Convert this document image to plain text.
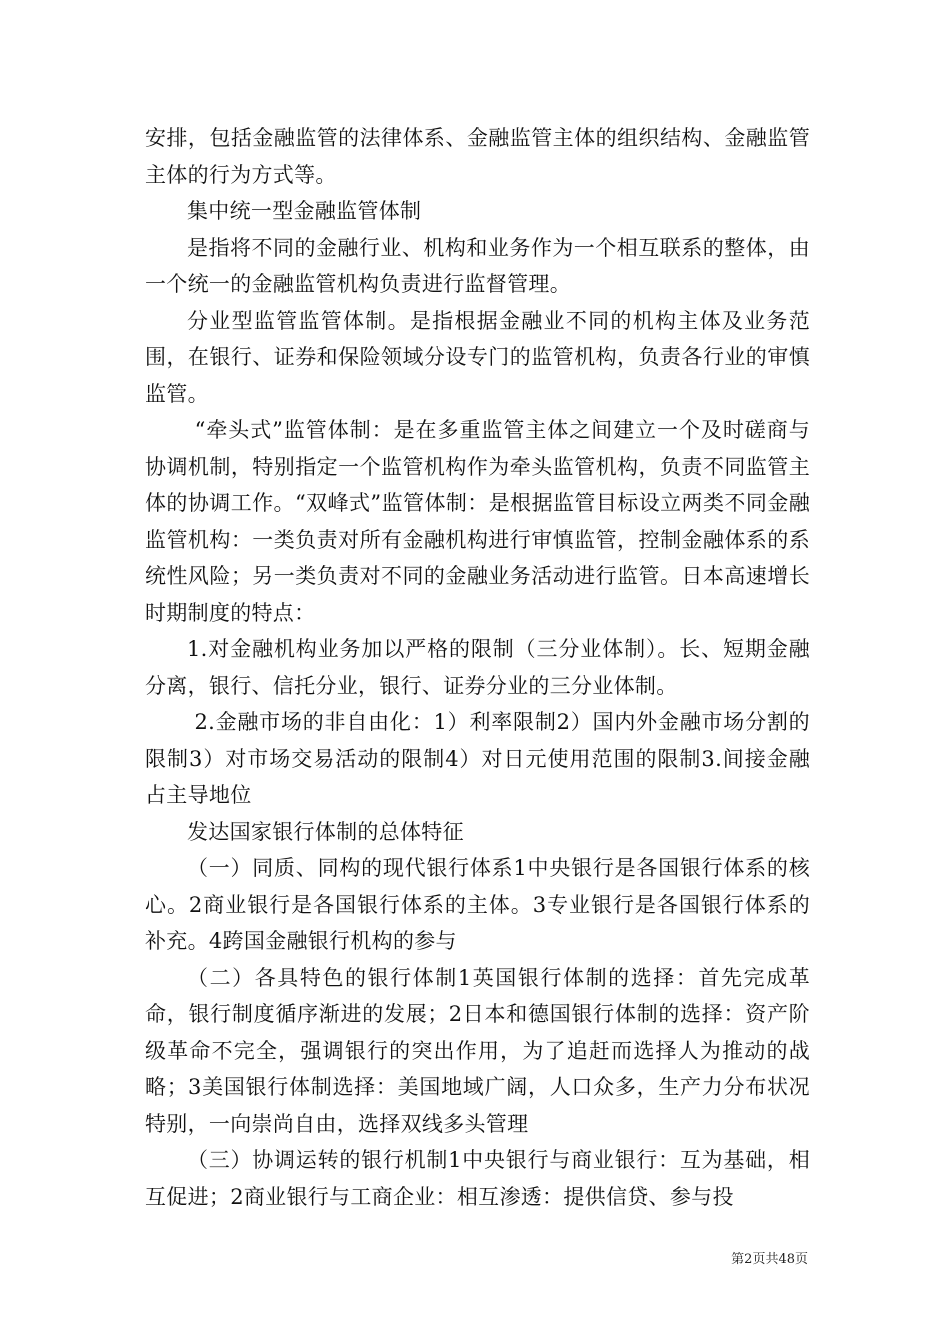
安排，包括金融监管的法律体系、金融监管主体的组织结构、金融监管主体的行为方式等。

集中统一型金融监管体制

是指将不同的金融行业、机构和业务作为一个相互联系的整体，由一个统一的金融监管机构负责进行监督管理。

分业型监管监管体制。是指根据金融业不同的机构主体及业务范围，在银行、证券和保险领域分设专门的监管机构，负责各行业的审慎监管。

“牵头式”监管体制：是在多重监管主体之间建立一个及时磋商与协调机制，特别指定一个监管机构作为牵头监管机构，负责不同监管主体的协调工作。“双峰式”监管体制：是根据监管目标设立两类不同金融监管机构：一类负责对所有金融机构进行审慎监管，控制金融体系的系统性风险；另一类负责对不同的金融业务活动进行监管。日本高速增长时期制度的特点：

1.对金融机构业务加以严格的限制（三分业体制）。长、短期金融分离，银行、信托分业，银行、证券分业的三分业体制。

2.金融市场的非自由化：1）利率限制2）国内外金融市场分割的限制3）对市场交易活动的限制4）对日元使用范围的限制3.间接金融占主导地位

发达国家银行体制的总体特征

（一）同质、同构的现代银行体系1中央银行是各国银行体系的核心。2商业银行是各国银行体系的主体。3专业银行是各国银行体系的补充。4跨国金融银行机构的参与

（二）各具特色的银行体制1英国银行体制的选择：首先完成革命，银行制度循序渐进的发展；2日本和德国银行体制的选择：资产阶级革命不完全，强调银行的突出作用，为了追赶而选择人为推动的战略；3美国银行体制选择：美国地域广阔，人口众多，生产力分布状况特别，一向崇尚自由，选择双线多头管理

（三）协调运转的银行机制1中央银行与商业银行：互为基础，相互促进；2商业银行与工商企业：相互渗透：提供信贷、参与投

第2页共48页
